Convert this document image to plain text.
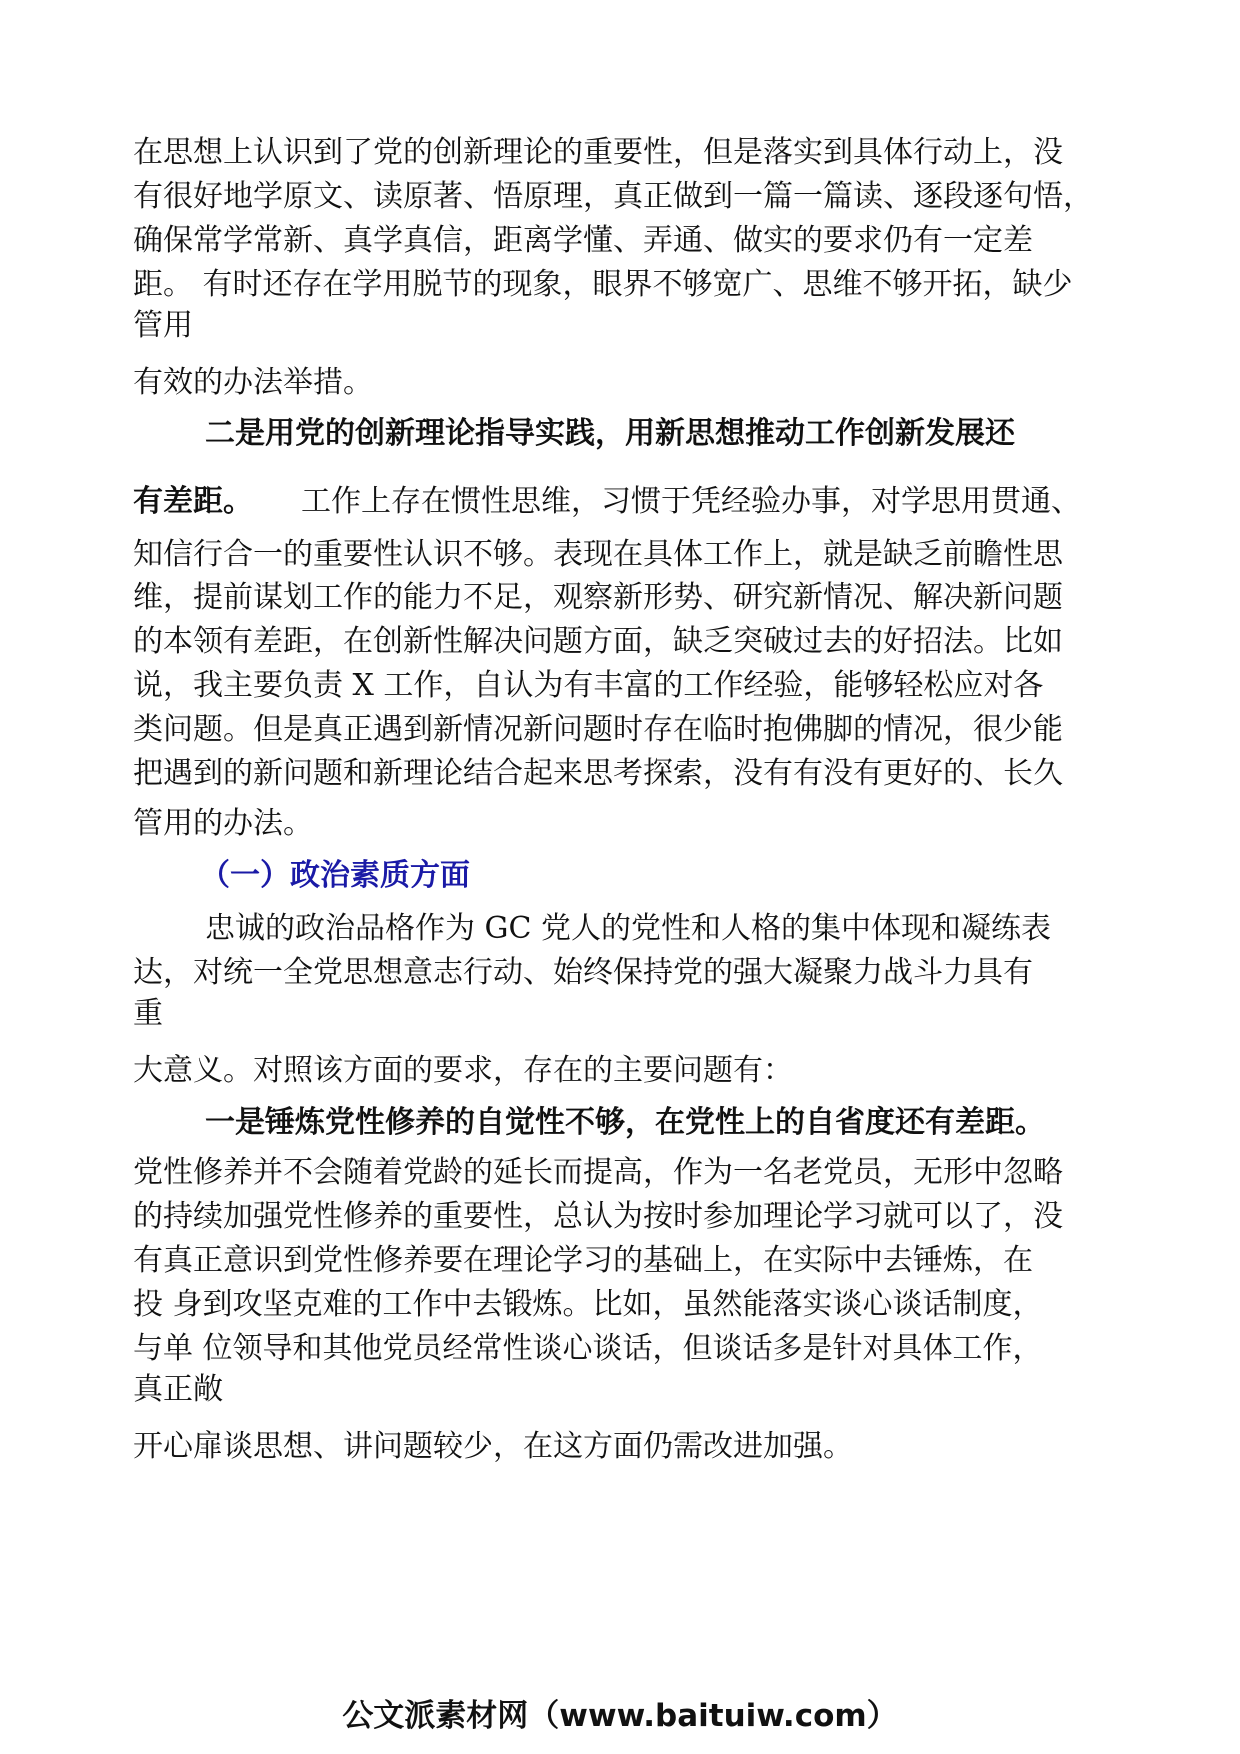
在思想上认识到了党的创新理论的重要性，但是落实到具体行动上，没
有很好地学原文、读原著、悟原理，真正做到一篇一篇读、逐段逐句悟，
确保常学常新、真学真信，距离学懂、弄通、做实的要求仍有一定差
距。 有时还存在学用脱节的现象，眼界不够宽广、思维不够开拓，缺少
管用
有效的办法举措。
二是用党的创新理论指导实践，用新思想推动工作创新发展还
有差距。 工作上存在惯性思维，习惯于凭经验办事，对学思用贯通、
知信行合一的重要性认识不够。表现在具体工作上，就是缺乏前瞻性思
维，提前谋划工作的能力不足，观察新形势、研究新情况、解决新问题
的本领有差距，在创新性解决问题方面，缺乏突破过去的好招法。比如
说，我主要负责 X 工作，自认为有丰富的工作经验，能够轻松应对各
类问题。但是真正遇到新情况新问题时存在临时抱佛脚的情况，很少能
把遇到的新问题和新理论结合起来思考探索，没有有没有更好的、长久
管用的办法。
（一）政治素质方面
忠诚的政治品格作为 GC 党人的党性和人格的集中体现和凝练表
达，对统一全党思想意志行动、始终保持党的强大凝聚力战斗力具有
重
大意义。对照该方面的要求，存在的主要问题有：
一是锤炼党性修养的自觉性不够，在党性上的自省度还有差距。
党性修养并不会随着党龄的延长而提高，作为一名老党员，无形中忽略
的持续加强党性修养的重要性，总认为按时参加理论学习就可以了，没
有真正意识到党性修养要在理论学习的基础上，在实际中去锤炼，在
投 身到攻坚克难的工作中去锻炼。比如，虽然能落实谈心谈话制度，
与单 位领导和其他党员经常性谈心谈话，但谈话多是针对具体工作，
真正敞
开心扉谈思想、讲问题较少，在这方面仍需改进加强。
公文派素材网（www.baituiw.com）
